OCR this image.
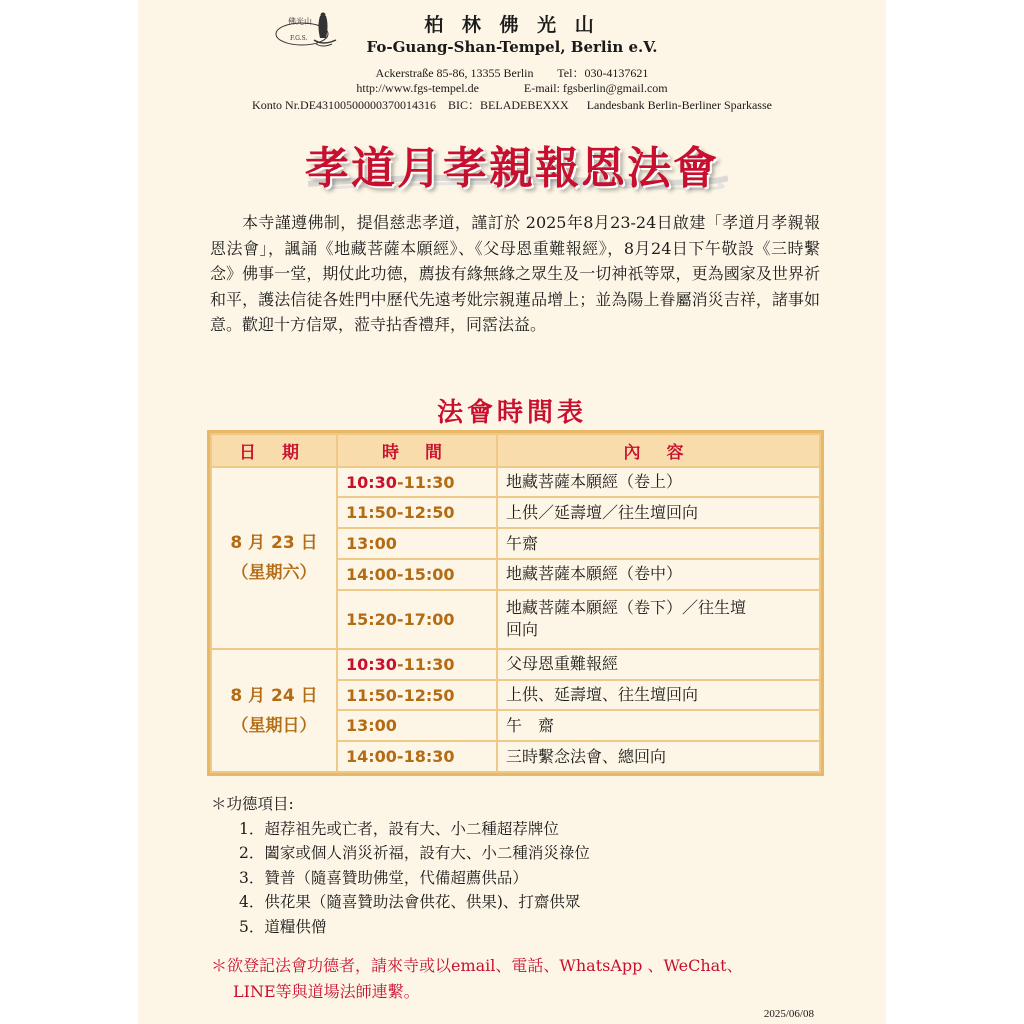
佛光山
F.G.S.
柏 林 佛 光 山
Fo-Guang-Shan-Tempel, Berlin e.V.
Ackerstraße 85-86, 13355 Berlin        Tel：030-4137621
http://www.fgs-tempel.de               E-mail: fgsberlin@gmail.com
Konto Nr.DE43100500000370014316    BIC：BELADEBEXXX      Landesbank Berlin-Berliner Sparkasse
孝道月孝親報恩法會
本寺謹遵佛制，提倡慈悲孝道，謹訂於 2025年8月23-24日啟建「孝道月孝親報恩法會」，諷誦《地藏菩薩本願經》、《父母恩重難報經》，8月24日下午敬設《三時繫念》佛事一堂，期仗此功德，薦拔有緣無緣之眾生及一切神祇等眾，更為國家及世界祈和平，護法信徒各姓門中歷代先遠考妣宗親蓮品增上；並為陽上眷屬消災吉祥，諸事如意。歡迎十方信眾，蒞寺拈香禮拜，同霑法益。
法會時間表
日 期	時 間	內 容

8 月 23 日
（星期六）	10:30-11:30	地藏菩薩本願經（卷上）
	11:50-12:50	上供／延壽壇／往生壇回向
	13:00	午齋
	14:00-15:00	地藏菩薩本願經（卷中）
	15:20-17:00	地藏菩薩本願經（卷下）／往生壇回向

8 月 24 日
（星期日）	10:30-11:30	父母恩重難報經
	11:50-12:50	上供、延壽壇、往生壇回向
	13:00	午　齋
	14:00-18:30	三時繫念法會、總回向
＊功德項目:
1．超荐祖先或亡者，設有大、小二種超荐牌位
2．闔家或個人消災祈福，設有大、小二種消災祿位
3．贊普（隨喜贊助佛堂，代備超薦供品）
4．供花果（隨喜贊助法會供花、供果)、打齋供眾
5．道糧供僧
＊欲登記法會功德者，請來寺或以email、電話、WhatsApp 、WeChat、
LINE等與道場法師連繫。
2025/06/08
